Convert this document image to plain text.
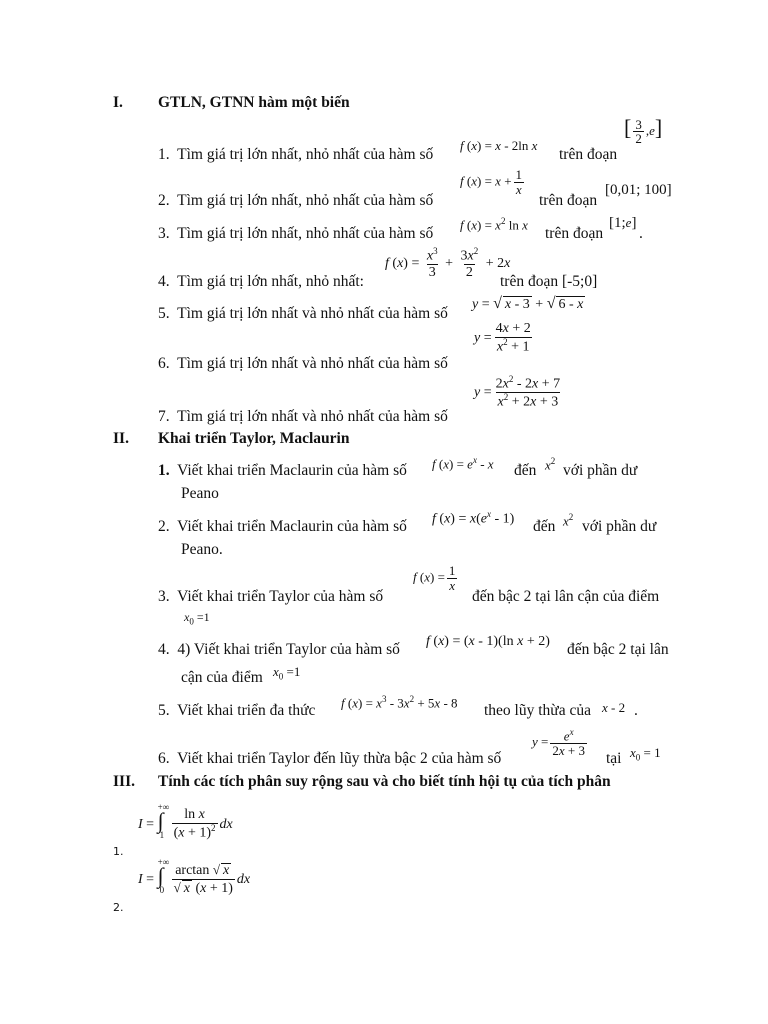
I. GTLN, GTNN hàm một biến
1. Tìm giá trị lớn nhất, nhỏ nhất của hàm số
f (x) = x - 2ln x
trên đoạn
[ $\frac{3}{2} ,e$]
2. Tìm giá trị lớn nhất, nhỏ nhất của hàm số
f $(x) = x + \frac{1}{x}$
trên đoạn
[0,01; 100]
3. Tìm giá trị lớn nhất, nhỏ nhất của hàm số
f $(x) = x^2$ ln x
trên đoạn
[1;e]
.
4. Tìm giá trị lớn nhất, nhỏ nhất:
f $(x) = \frac{x^3}{3} + \frac{3x^2}{2} + 2x$
trên đoạn [-5;0]
5. Tìm giá trị lớn nhất và nhỏ nhất của hàm số
y = √ x - 3 + √ 6 - x
6. Tìm giá trị lớn nhất và nhỏ nhất của hàm số
$y = \frac{4x + 2}{x^2 + 1}$
7. Tìm giá trị lớn nhất và nhỏ nhất của hàm số
$y = \frac{2x^2 - 2x + 7}{x^2 + 2x + 3}$
II. Khai triển Taylor, Maclaurin
1. Viết khai triển Maclaurin của hàm số f $(x) = e^x - x$ đến $x^2$
với phần dư
Peano
2. Viết khai triển Maclaurin của hàm số f $(x) = x(e^x - 1)$ đến $x^2$
với phần dư
Peano.
3. Viết khai triển Taylor của hàm số
f $(x) = \frac{1}{x}$
đến bậc 2 tại lân cận của điểm
$x_0 =1$
4. 4) Viết khai triển Taylor của hàm số f (x) = (x - 1)(ln x + 2) đến bậc 2 tại lân
cận của điểm $x_0 =1$
5. Viết khai triển đa thức f $(x) = x^3 - 3x^2 + 5x - 8$ theo lũy thừa của x - 2 .
6. Viết khai triển Taylor đến lũy thừa bậc 2 của hàm số
$y = \frac{e^x}{2x + 3}$
tại $x_0 = 1$
III. Tính các tích phân suy rộng sau và cho biết tính hội tụ của tích phân
1.
I = ∫
+∞
$1 \frac{\text{ln x}}{(x + 1)^2}$ dx
2.
I = ∫
+∞
$0 \frac{\arctan √ x}{√ x (x + 1)}$ dx
